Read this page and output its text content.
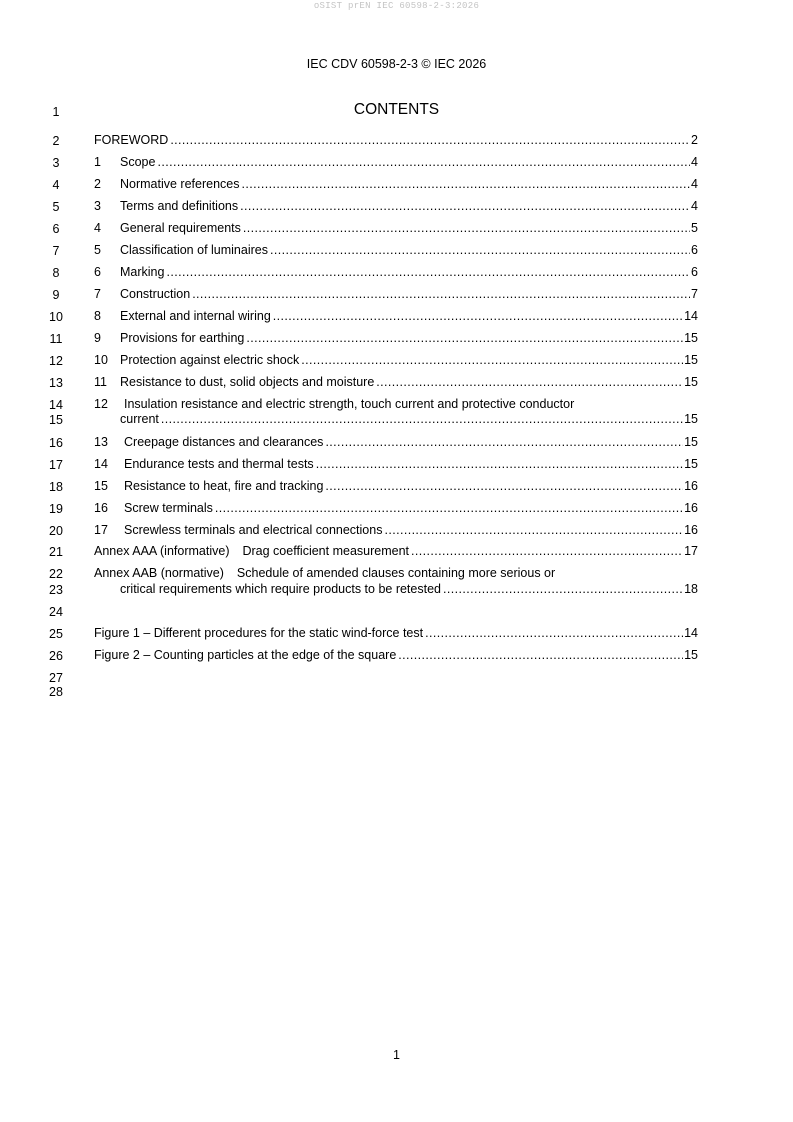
oSIST prEN IEC 60598-2-3:2026
IEC CDV 60598-2-3 © IEC 2026
1
2
3
4
5
6
7
8
9
10
11
12
13
14
15
16
17
18
19
20
21
22
23
24
25
26
27
28
CONTENTS
FOREWORD .....	2
1	Scope .....	4
2	Normative references .....	4
3	Terms and definitions .....	4
4	General requirements .....	5
5	Classification of luminaires .....	6
6	Marking .....	6
7	Construction .....	7
8	External and internal wiring .....	14
9	Provisions for earthing .....	15
10 Protection against electric shock .....	15
11	Resistance to dust, solid objects and moisture .....	15
12 Insulation resistance and electric strength, touch current and protective conductor
current .....	15
13	Creepage distances and clearances .....	15
14	Endurance tests and thermal tests .....	15
15	Resistance to heat, fire and tracking .....	16
16	Screw terminals .....	16
17	Screwless terminals and electrical connections .....	16
Annex AAA (informative) Drag coefficient measurement .....	17
Annex AAB (normative) Schedule of amended clauses containing more serious or
critical requirements which require products to be retested .....	18
Figure 1 – Different procedures for the static wind-force test .....	14
Figure 2 – Counting particles at the edge of the square .....	15
1
